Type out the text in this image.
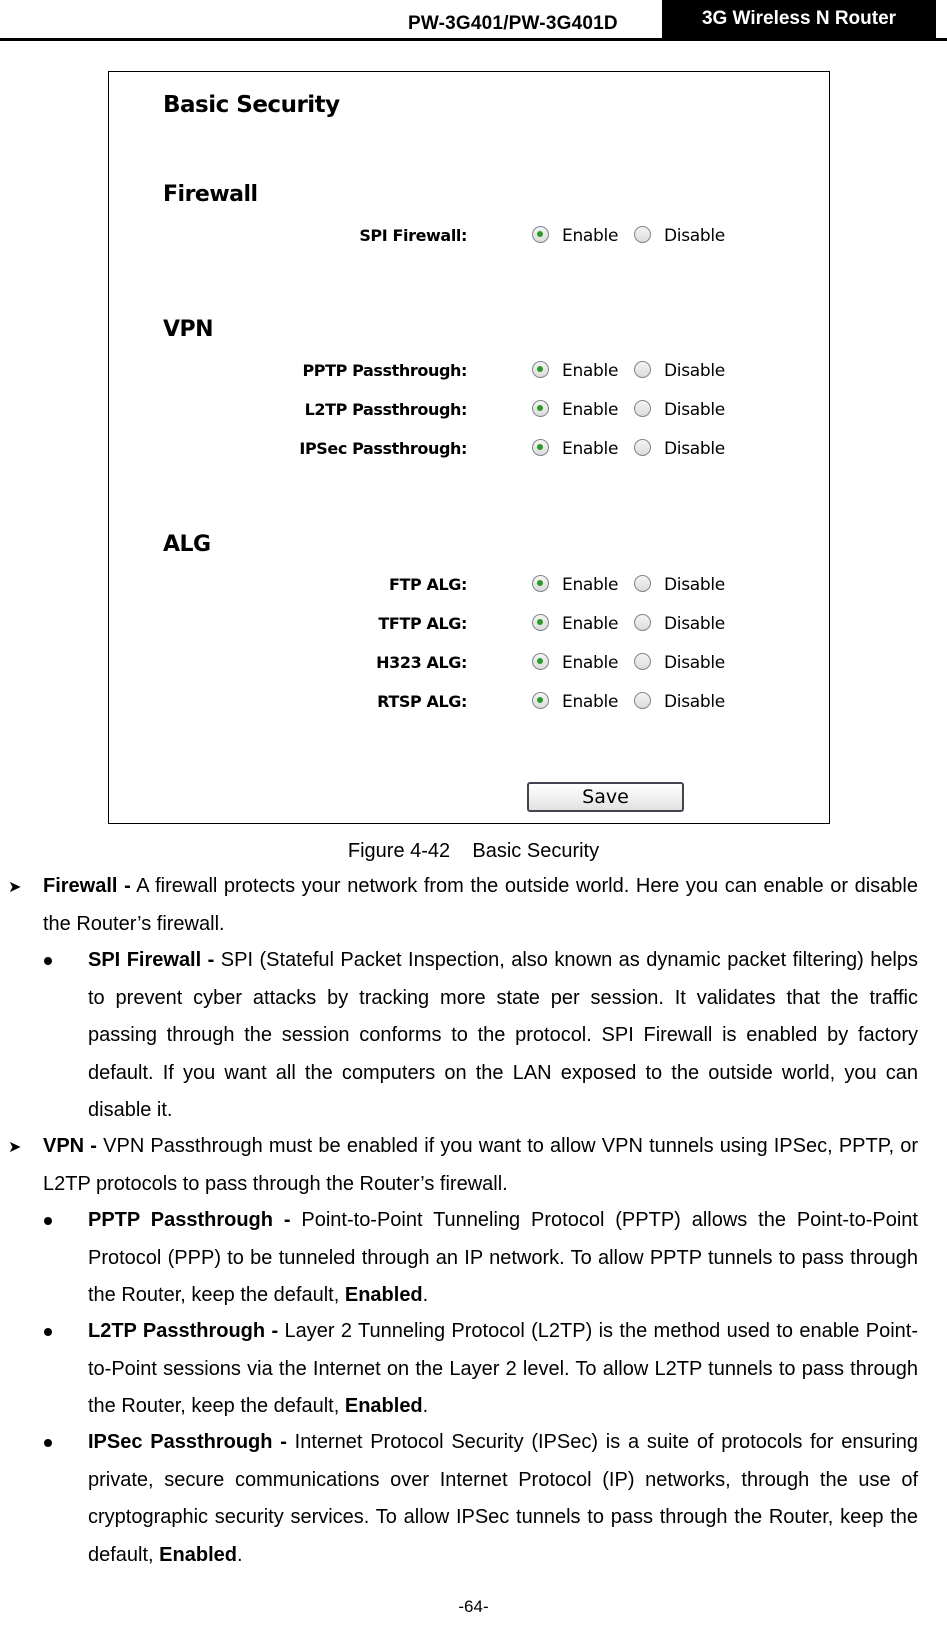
PW-3G401/PW-3G401D	3G Wireless N Router
Basic Security
Firewall
SPI Firewall:	Enable	Disable
VPN
PPTP Passthrough:	Enable	Disable
L2TP Passthrough:	Enable	Disable
IPSec Passthrough:	Enable	Disable
ALG
FTP ALG:	Enable	Disable
TFTP ALG:	Enable	Disable
H323 ALG:	Enable	Disable
RTSP ALG:	Enable	Disable
Save
Figure 4-42    Basic Security
➤ Firewall - A firewall protects your network from the outside world. Here you can enable or disable the Router’s firewall.
SPI Firewall - SPI (Stateful Packet Inspection, also known as dynamic packet filtering) helps to prevent cyber attacks by tracking more state per session. It validates that the traffic passing through the session conforms to the protocol. SPI Firewall is enabled by factory default. If you want all the computers on the LAN exposed to the outside world, you can disable it.
➤ VPN - VPN Passthrough must be enabled if you want to allow VPN tunnels using IPSec, PPTP, or L2TP protocols to pass through the Router’s firewall.
PPTP Passthrough - Point-to-Point Tunneling Protocol (PPTP) allows the Point-to-Point Protocol (PPP) to be tunneled through an IP network. To allow PPTP tunnels to pass through the Router, keep the default, Enabled.
L2TP Passthrough - Layer 2 Tunneling Protocol (L2TP) is the method used to enable Point-to-Point sessions via the Internet on the Layer 2 level. To allow L2TP tunnels to pass through the Router, keep the default, Enabled.
IPSec Passthrough - Internet Protocol Security (IPSec) is a suite of protocols for ensuring private, secure communications over Internet Protocol (IP) networks, through the use of cryptographic security services. To allow IPSec tunnels to pass through the Router, keep the default, Enabled.
-64-
